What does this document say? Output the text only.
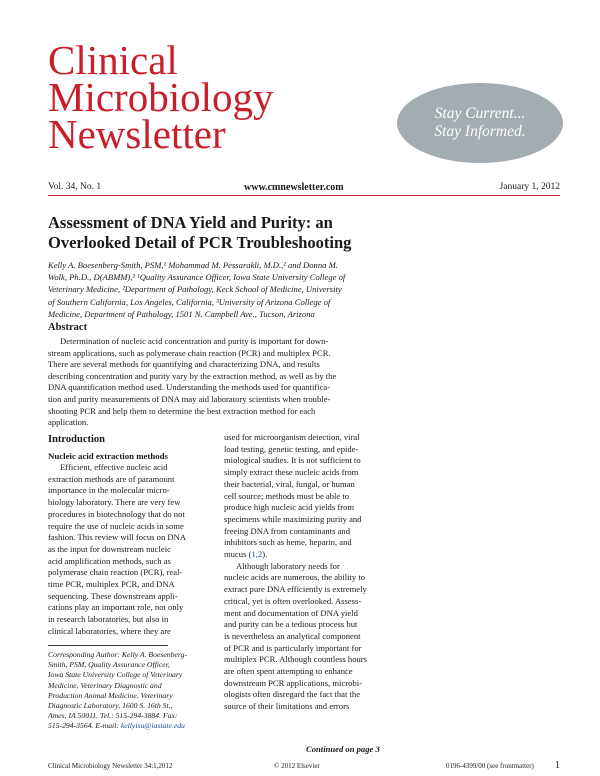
Clinical
Microbiology
Newsletter	Stay Current...
Stay Informed.
Vol. 34, No. 1	www.cmnewsletter.com	January 1, 2012
Assessment of DNA Yield and Purity: an
Overlooked Detail of PCR Troubleshooting
Kelly A. Boesenberg-Smith, PSM,¹ Mohammad M. Pessarakli, M.D.,² and Donna M.
Wolk, Ph.D., D(ABMM),³ ¹Quality Assurance Officer, Iowa State University College of
Veterinary Medicine, ²Department of Pathology, Keck School of Medicine, University
of Southern California, Los Angeles, California, ³University of Arizona College of
Medicine, Department of Pathology, 1501 N. Campbell Ave., Tucson, Arizona
Abstract
Determination of nucleic acid concentration and purity is important for down-
stream applications, such as polymerase chain reaction (PCR) and multiplex PCR.
There are several methods for quantifying and characterizing DNA, and results
describing concentration and purity vary by the extraction method, as well as by the
DNA quantification method used. Understanding the methods used for quantifica-
tion and purity measurements of DNA may aid laboratory scientists when trouble-
shooting PCR and help them to determine the best extraction method for each
application.
Introduction
Nucleic acid extraction methods
Efficient, effective nucleic acid
extraction methods are of paramount
importance in the molecular micro-
biology laboratory. There are very few
procedures in biotechnology that do not
require the use of nucleic acids in some
fashion. This review will focus on DNA
as the input for downstream nucleic
acid amplification methods, such as
polymerase chain reaction (PCR), real-
time PCR, multiplex PCR, and DNA
sequencing. These downstream appli-
cations play an important role, not only
in research laboratories, but also in
clinical laboratories, where they are
used for microorganism detection, viral
load testing, genetic testing, and epide-
miological studies. It is not sufficient to
simply extract these nucleic acids from
their bacterial, viral, fungal, or human
cell source; methods must be able to
produce high nucleic acid yields from
specimens while maximizing purity and
freeing DNA from contaminants and
inhibitors such as heme, heparin, and
mucus (1,2).
Although laboratory needs for
nucleic acids are numerous, the ability to
extract pure DNA efficiently is extremely
critical, yet is often overlooked. Assess-
ment and documentation of DNA yield
and purity can be a tedious process but
is nevertheless an analytical component
of PCR and is particularly important for
multiplex PCR. Although countless hours
are often spent attempting to enhance
downstream PCR applications, microbi-
ologists often disregard the fact that the
source of their limitations and errors
Corresponding Author: Kelly A. Boesenberg-
Smith, PSM, Quality Assurance Officer,
Iowa State University College of Veterinary
Medicine, Veterinary Diagnostic and
Production Animal Medicine, Veterinary
Diagnostic Laboratory, 1600 S. 16th St.,
Ames, IA 50011. Tel.: 515-294-3884. Fax:
515-294-3564. E-mail: kellyisu@iastate.edu
Continued on page 3
Clinical Microbiology Newsletter 34:1,2012	© 2012 Elsevier	0196-4399/00 (see frontmatter) 1
